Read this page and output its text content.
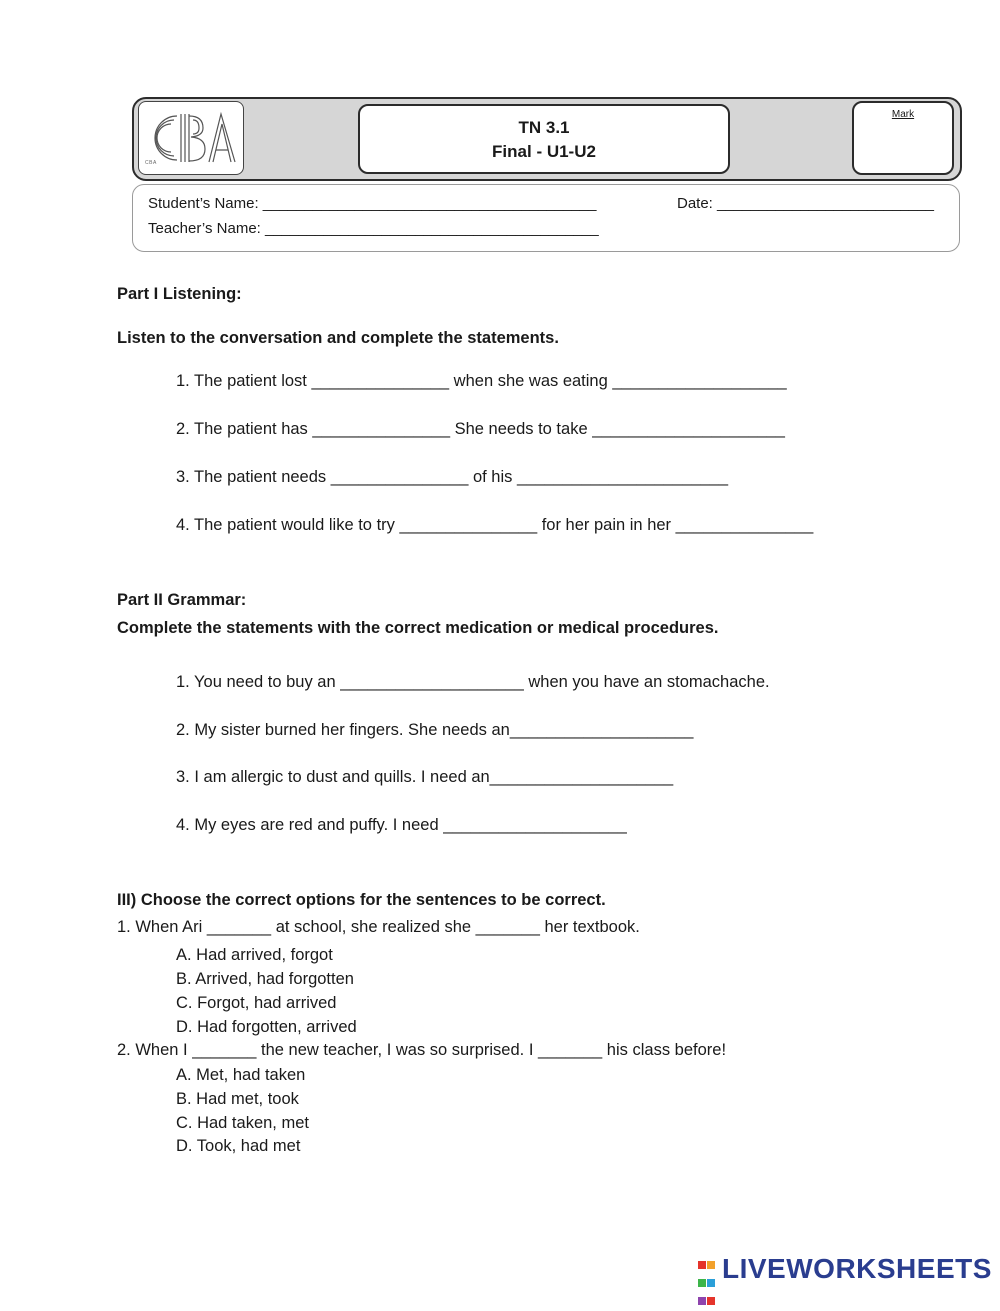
CBA
TN 3.1
Final - U1-U2
Mark
Student’s Name: ________________________________________	Date: __________________________
Teacher’s Name: ________________________________________
Part I Listening:
Listen to the conversation and complete the statements.
1. The patient lost _______________ when she was eating ___________________
2. The patient has _______________ She needs to take _____________________
3. The patient needs _______________ of his _______________________
4. The patient would like to try _______________ for her pain in her _______________
Part II Grammar:
Complete the statements with the correct medication or medical procedures.
1. You need to buy an ____________________ when you have an stomachache.
2. My sister burned her fingers. She needs an____________________
3. I am allergic to dust and quills. I need an____________________
4. My eyes are red and puffy. I need ____________________
III) Choose the correct options for the sentences to be correct.
1. When Ari _______ at school, she realized she _______ her textbook.
A. Had arrived, forgot
B. Arrived, had forgotten
C. Forgot, had arrived
D. Had forgotten, arrived
2. When I _______ the new teacher, I was so surprised. I _______ his class before!
A. Met, had taken
B. Had met, took
C. Had taken, met
D. Took, had met

LIVEWORKSHEETS
